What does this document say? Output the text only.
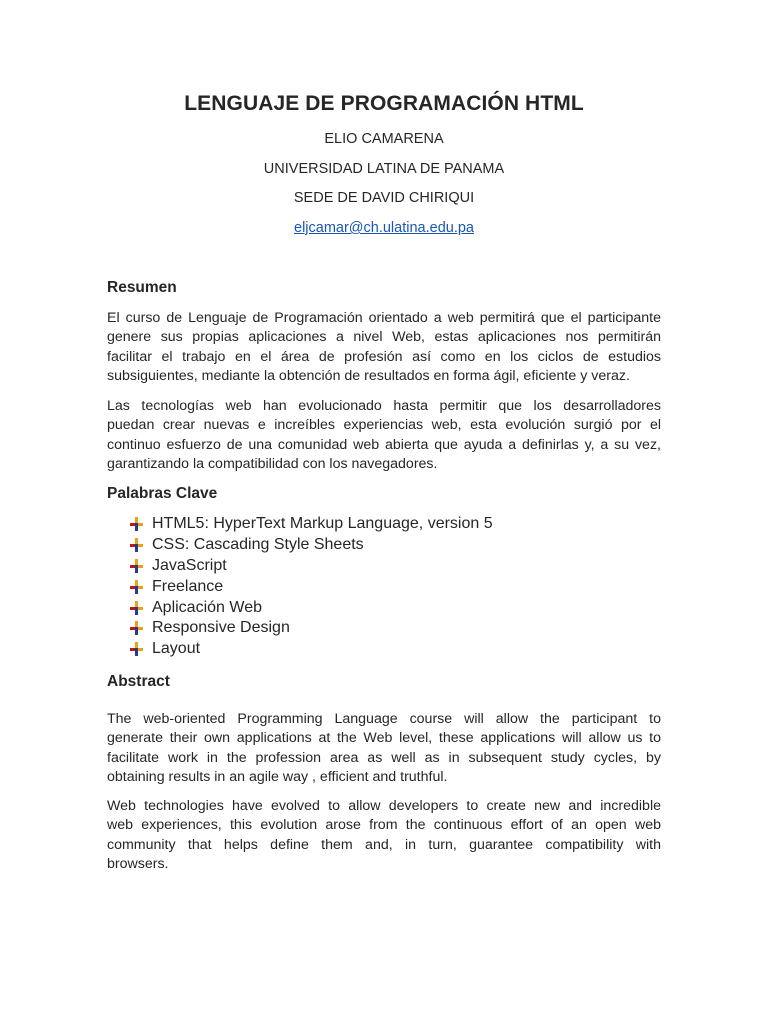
LENGUAJE DE PROGRAMACIÓN HTML
ELIO CAMARENA
UNIVERSIDAD LATINA DE PANAMA
SEDE DE DAVID CHIRIQUI
eljcamar@ch.ulatina.edu.pa
Resumen
El curso de Lenguaje de Programación orientado a web permitirá que el participante
genere sus propias aplicaciones a nivel Web, estas aplicaciones nos permitirán
facilitar el trabajo en el área de profesión así como en los ciclos de estudios
subsiguientes, mediante la obtención de resultados en forma ágil, eficiente y veraz.
Las tecnologías web han evolucionado hasta permitir que los desarrolladores
puedan crear nuevas e increíbles experiencias web, esta evolución surgió por el
continuo esfuerzo de una comunidad web abierta que ayuda a definirlas y, a su vez,
garantizando la compatibilidad con los navegadores.
Palabras Clave
HTML5: HyperText Markup Language, version 5
CSS: Cascading Style Sheets
JavaScript
Freelance
Aplicación Web
Responsive Design
Layout
Abstract
The web-oriented Programming Language course will allow the participant to
generate their own applications at the Web level, these applications will allow us to
facilitate work in the profession area as well as in subsequent study cycles, by
obtaining results in an agile way , efficient and truthful.
Web technologies have evolved to allow developers to create new and incredible
web experiences, this evolution arose from the continuous effort of an open web
community that helps define them and, in turn, guarantee compatibility with
browsers.
